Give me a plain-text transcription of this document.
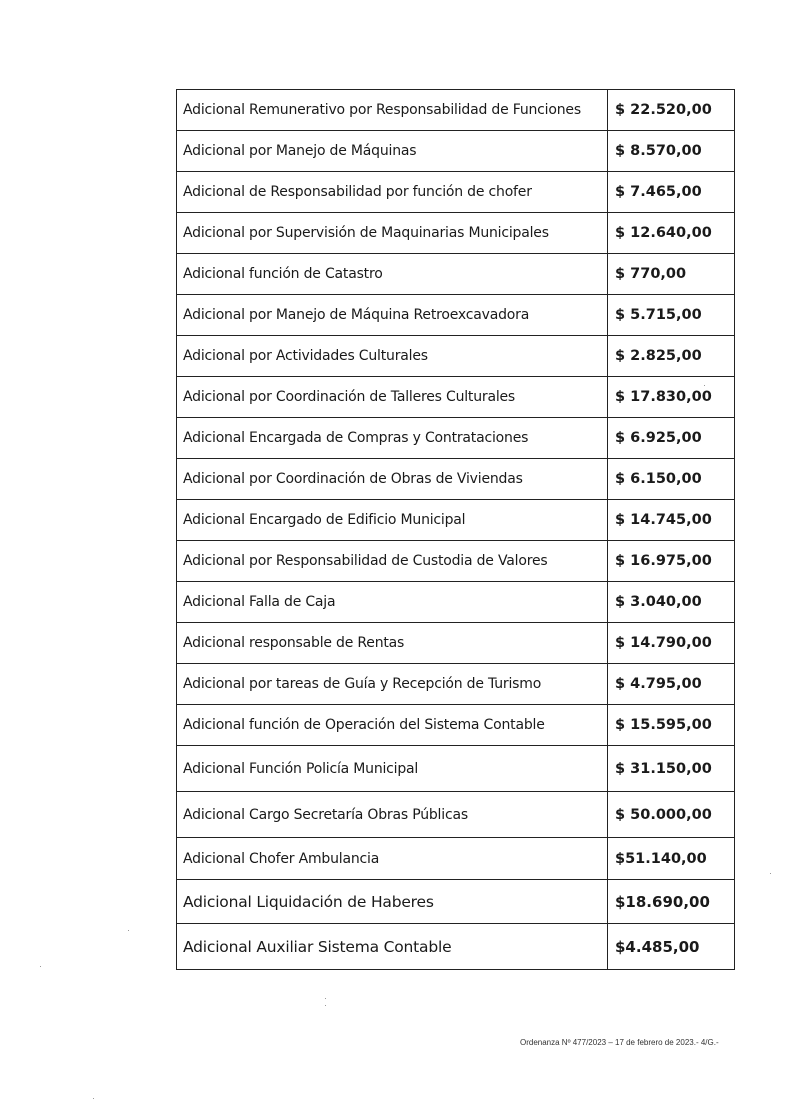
Adicional Remunerativo por Responsabilidad de Funciones	$ 22.520,00
Adicional por Manejo de Máquinas	$ 8.570,00
Adicional de Responsabilidad por función de chofer	$ 7.465,00
Adicional por Supervisión de Maquinarias Municipales	$ 12.640,00
Adicional función de Catastro	$ 770,00
Adicional por Manejo de Máquina Retroexcavadora	$ 5.715,00
Adicional por Actividades Culturales	$ 2.825,00
Adicional por Coordinación de Talleres Culturales	$ 17.830,00
Adicional Encargada de Compras y Contrataciones	$ 6.925,00
Adicional por Coordinación de Obras de Viviendas	$ 6.150,00
Adicional Encargado de Edificio Municipal	$ 14.745,00
Adicional por Responsabilidad de Custodia de Valores	$ 16.975,00
Adicional Falla de Caja	$ 3.040,00
Adicional responsable de Rentas	$ 14.790,00
Adicional por tareas de Guía y Recepción de Turismo	$ 4.795,00
Adicional función de Operación del Sistema Contable	$ 15.595,00
Adicional Función Policía Municipal	$ 31.150,00
Adicional Cargo Secretaría Obras Públicas	$ 50.000,00
Adicional Chofer Ambulancia	$51.140,00
Adicional Liquidación de Haberes	$18.690,00
Adicional Auxiliar Sistema Contable	$4.485,00
Ordenanza Nº 477/2023 – 17 de febrero de 2023.- 4/G.-
